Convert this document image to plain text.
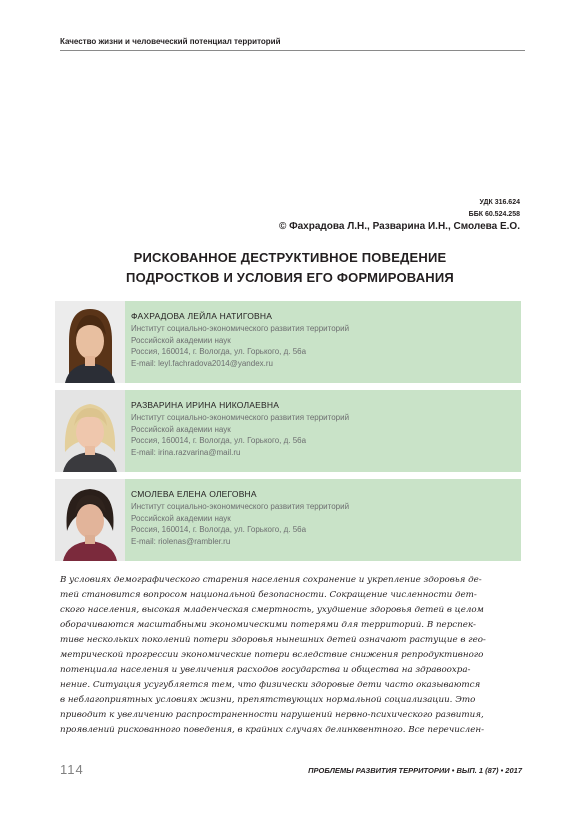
Качество жизни и человеческий потенциал территорий
УДК 316.624
ББК 60.524.258
© Фахрадова Л.Н., Разварина И.Н., Смолева Е.О.
РИСКОВАННОЕ ДЕСТРУКТИВНОЕ ПОВЕДЕНИЕ
ПОДРОСТКОВ И УСЛОВИЯ ЕГО ФОРМИРОВАНИЯ
ФАХРАДОВА ЛЕЙЛА НАТИГОВНА
Институт социально-экономического развития территорий
Российской академии наук
Россия, 160014, г. Вологда, ул. Горького, д. 56а
E-mail: leyl.fachradova2014@yandex.ru
РАЗВАРИНА ИРИНА НИКОЛАЕВНА
Институт социально-экономического развития территорий
Российской академии наук
Россия, 160014, г. Вологда, ул. Горького, д. 56а
E-mail: irina.razvarina@mail.ru
СМОЛЕВА ЕЛЕНА ОЛЕГОВНА
Институт социально-экономического развития территорий
Российской академии наук
Россия, 160014, г. Вологда, ул. Горького, д. 56а
E-mail: riolenas@rambler.ru
В условиях демографического старения населения сохранение и укрепление здоровья де-
тей становится вопросом национальной безопасности. Сокращение численности дет-
ского населения, высокая младенческая смертность, ухудшение здоровья детей в целом
оборачиваются масштабными экономическими потерями для территорий. В перспек-
тиве нескольких поколений потери здоровья нынешних детей означают растущие в гео-
метрической прогрессии экономические потери вследствие снижения репродуктивного
потенциала населения и увеличения расходов государства и общества на здравоохра-
нение. Ситуация усугубляется тем, что физически здоровые дети часто оказываются
в неблагоприятных условиях жизни, препятствующих нормальной социализации. Это
приводит к увеличению распространенности нарушений нервно-психического развития,
проявлений рискованного поведения, в крайних случаях делинквентного. Все перечислен-
114	ПРОБЛЕМЫ РАЗВИТИЯ ТЕРРИТОРИИ • ВЫП. 1 (87) • 2017
